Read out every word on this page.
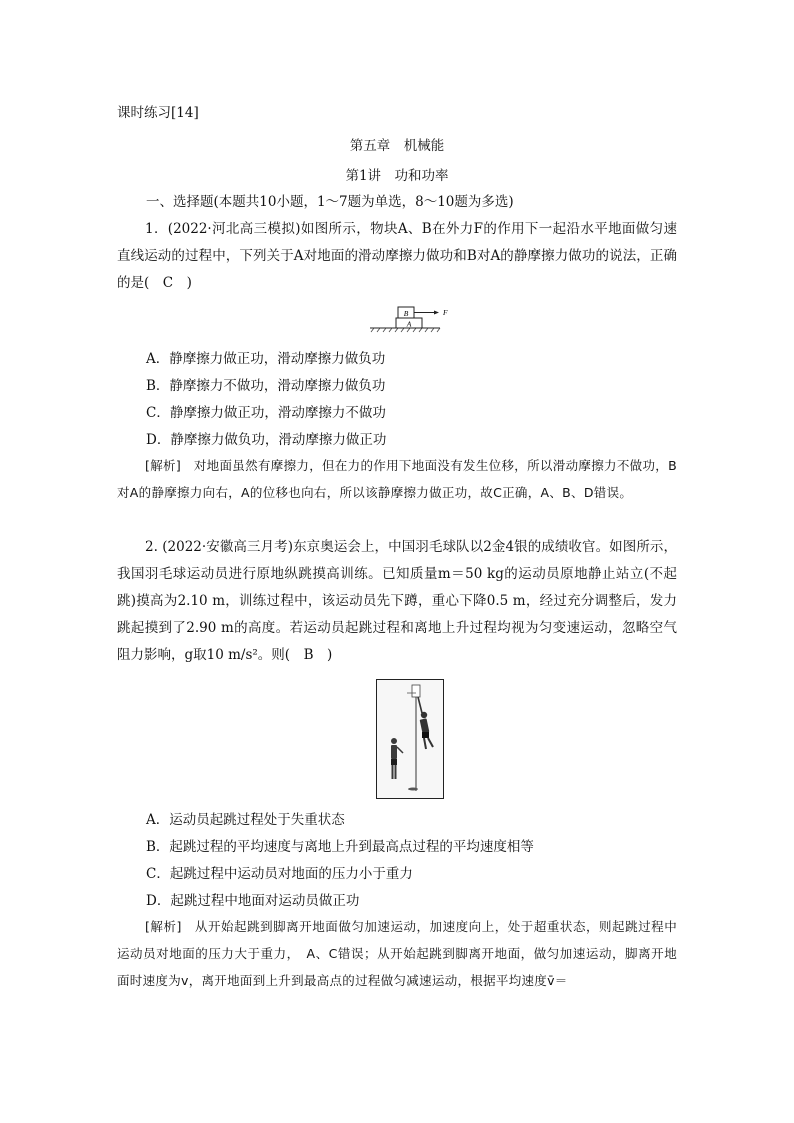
课时练习[14]
第五章　机械能
第1讲　功和功率
一、选择题(本题共10小题，1～7题为单选，8～10题为多选)
1．(2022·河北高三模拟)如图所示，物块A、B在外力F的作用下一起沿水平地面做匀速直线运动的过程中，下列关于A对地面的滑动摩擦力做功和B对A的静摩擦力做功的说法，正确的是(　C　)
B
A
F
A．静摩擦力做正功，滑动摩擦力做负功
B．静摩擦力不做功，滑动摩擦力做负功
C．静摩擦力做正功，滑动摩擦力不做功
D．静摩擦力做负功，滑动摩擦力做正功
[解析]　对地面虽然有摩擦力，但在力的作用下地面没有发生位移，所以滑动摩擦力不做功，B对A的静摩擦力向右，A的位移也向右，所以该静摩擦力做正功，故C正确，A、B、D错误。
2. (2022·安徽高三月考)东京奥运会上，中国羽毛球队以2金4银的成绩收官。如图所示，我国羽毛球运动员进行原地纵跳摸高训练。已知质量m＝50 kg的运动员原地静止站立(不起跳)摸高为2.10 m，训练过程中，该运动员先下蹲，重心下降0.5 m，经过充分调整后，发力跳起摸到了2.90 m的高度。若运动员起跳过程和离地上升过程均视为匀变速运动，忽略空气阻力影响，g取10 m/s²。则(　B　)
A．运动员起跳过程处于失重状态
B．起跳过程的平均速度与离地上升到最高点过程的平均速度相等
C．起跳过程中运动员对地面的压力小于重力
D．起跳过程中地面对运动员做正功
[解析]　从开始起跳到脚离开地面做匀加速运动，加速度向上，处于超重状态，则起跳过程中运动员对地面的压力大于重力，　A、C错误；从开始起跳到脚离开地面，做匀加速运动，脚离开地面时速度为v，离开地面到上升到最高点的过程做匀减速运动，根据平均速度v̄＝
